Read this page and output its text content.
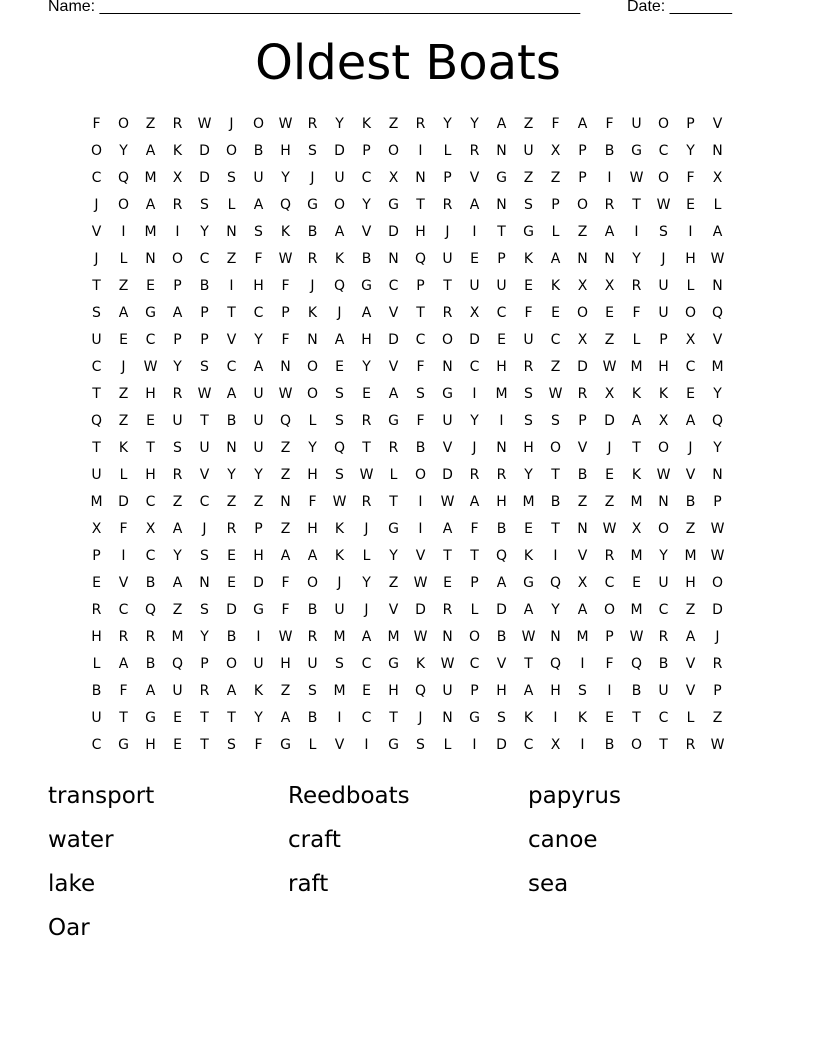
Name: ______________________________________________________	Date: _______
Oldest Boats
F	O	Z	R	W	J	O	W	R	Y	K	Z	R	Y	Y	A	Z	F	A	F	U	O	P	V
O	Y	A	K	D	O	B	H	S	D	P	O	I	L	R	N	U	X	P	B	G	C	Y	N
C	Q	M	X	D	S	U	Y	J	U	C	X	N	P	V	G	Z	Z	P	I	W	O	F	X
J	O	A	R	S	L	A	Q	G	O	Y	G	T	R	A	N	S	P	O	R	T	W	E	L
V	I	M	I	Y	N	S	K	B	A	V	D	H	J	I	T	G	L	Z	A	I	S	I	A
J	L	N	O	C	Z	F	W	R	K	B	N	Q	U	E	P	K	A	N	N	Y	J	H	W
T	Z	E	P	B	I	H	F	J	Q	G	C	P	T	U	U	E	K	X	X	R	U	L	N
S	A	G	A	P	T	C	P	K	J	A	V	T	R	X	C	F	E	O	E	F	U	O	Q
U	E	C	P	P	V	Y	F	N	A	H	D	C	O	D	E	U	C	X	Z	L	P	X	V
C	J	W	Y	S	C	A	N	O	E	Y	V	F	N	C	H	R	Z	D	W	M	H	C	M
T	Z	H	R	W	A	U	W	O	S	E	A	S	G	I	M	S	W	R	X	K	K	E	Y
Q	Z	E	U	T	B	U	Q	L	S	R	G	F	U	Y	I	S	S	P	D	A	X	A	Q
T	K	T	S	U	N	U	Z	Y	Q	T	R	B	V	J	N	H	O	V	J	T	O	J	Y
U	L	H	R	V	Y	Y	Z	H	S	W	L	O	D	R	R	Y	T	B	E	K	W	V	N
M	D	C	Z	C	Z	Z	N	F	W	R	T	I	W	A	H	M	B	Z	Z	M	N	B	P
X	F	X	A	J	R	P	Z	H	K	J	G	I	A	F	B	E	T	N	W	X	O	Z	W
P	I	C	Y	S	E	H	A	A	K	L	Y	V	T	T	Q	K	I	V	R	M	Y	M	W
E	V	B	A	N	E	D	F	O	J	Y	Z	W	E	P	A	G	Q	X	C	E	U	H	O
R	C	Q	Z	S	D	G	F	B	U	J	V	D	R	L	D	A	Y	A	O	M	C	Z	D
H	R	R	M	Y	B	I	W	R	M	A	M	W	N	O	B	W	N	M	P	W	R	A	J
L	A	B	Q	P	O	U	H	U	S	C	G	K	W	C	V	T	Q	I	F	Q	B	V	R
B	F	A	U	R	A	K	Z	S	M	E	H	Q	U	P	H	A	H	S	I	B	U	V	P
U	T	G	E	T	T	Y	A	B	I	C	T	J	N	G	S	K	I	K	E	T	C	L	Z
C	G	H	E	T	S	F	G	L	V	I	G	S	L	I	D	C	X	I	B	O	T	R	W
transport	Reedboats	papyrus
water	craft	canoe
lake	raft	sea
Oar
